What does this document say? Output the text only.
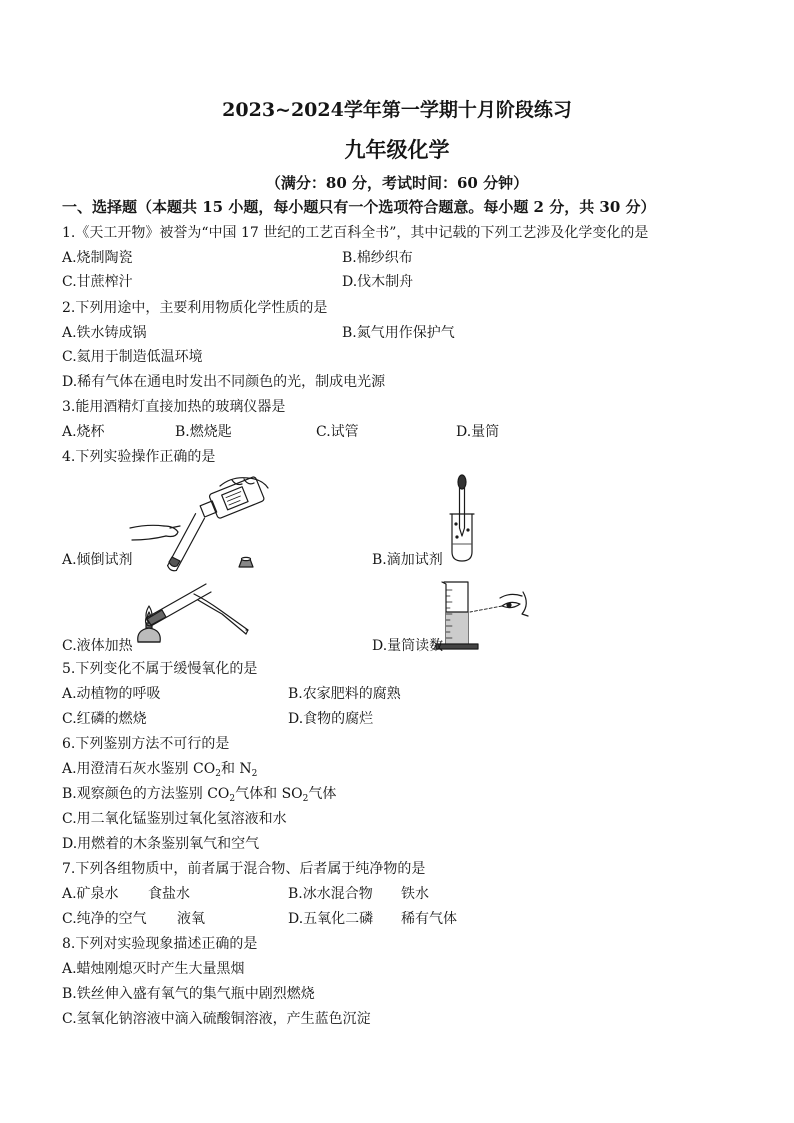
2023~2024学年第一学期十月阶段练习
九年级化学
（满分：80 分，考试时间：60 分钟）
一、选择题（本题共 15 小题，每小题只有一个选项符合题意。每小题 2 分，共 30 分）
1.《天工开物》被誉为“中国 17 世纪的工艺百科全书”，其中记载的下列工艺涉及化学变化的是
A.烧制陶瓷	B.棉纱织布
C.甘蔗榨汁	D.伐木制舟
2.下列用途中，主要利用物质化学性质的是
A.铁水铸成锅	B.氮气用作保护气
C.氦用于制造低温环境
D.稀有气体在通电时发出不同颜色的光，制成电光源
3.能用酒精灯直接加热的玻璃仪器是
A.烧杯	B.燃烧匙	C.试管	D.量筒
4.下列实验操作正确的是
A.倾倒试剂	B.滴加试剂
C.液体加热	D.量筒读数
5.下列变化不属于缓慢氧化的是
A.动植物的呼吸	B.农家肥料的腐熟
C.红磷的燃烧	D.食物的腐烂
6.下列鉴别方法不可行的是
A.用澄清石灰水鉴别 $CO_2$和 $N_2$
B.观察颜色的方法鉴别 $CO_2$气体和 $SO_2$气体
C.用二氧化锰鉴别过氧化氢溶液和水
D.用燃着的木条鉴别氧气和空气
7.下列各组物质中，前者属于混合物、后者属于纯净物的是
A.矿泉水 食盐水	B.冰水混合物 铁水
C.纯净的空气 液氧	D.五氧化二磷 稀有气体
8.下列对实验现象描述正确的是
A.蜡烛刚熄灭时产生大量黑烟
B.铁丝伸入盛有氧气的集气瓶中剧烈燃烧
C.氢氧化钠溶液中滴入硫酸铜溶液，产生蓝色沉淀
